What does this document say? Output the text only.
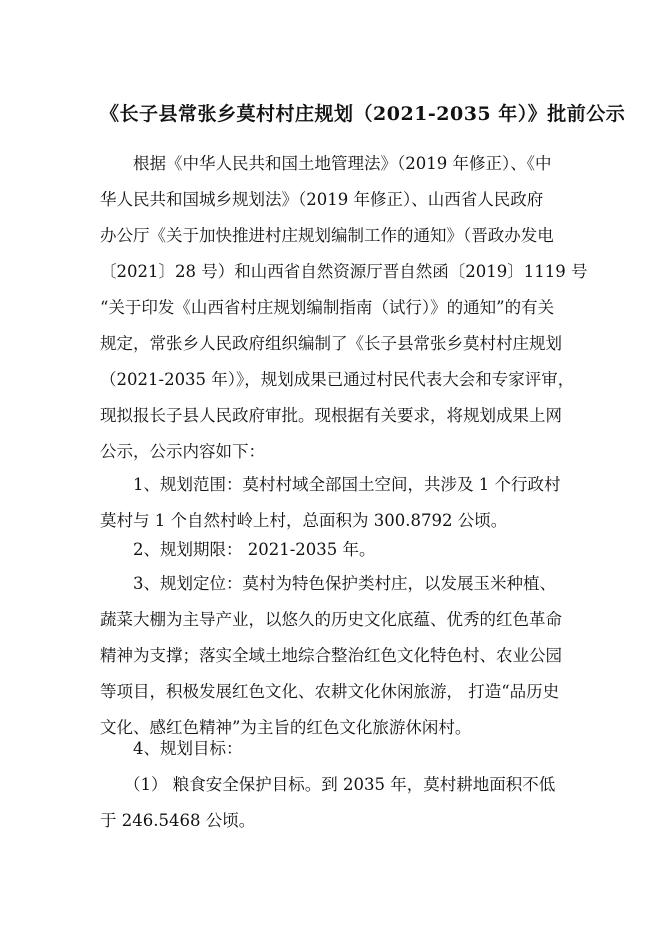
《长子县常张乡莫村村庄规划（2021-2035 年）》批前公示
根据《中华人民共和国土地管理法》（2019 年修正）、《中
华人民共和国城乡规划法》（2019 年修正）、山西省人民政府
办公厅《关于加快推进村庄规划编制工作的通知》（晋政办发电
〔2021〕28 号）和山西省自然资源厅晋自然函〔2019〕1119 号
“关于印发《山西省村庄规划编制指南（试行）》的通知”的有关
规定，常张乡人民政府组织编制了《长子县常张乡莫村村庄规划
（2021-2035 年）》，规划成果已通过村民代表大会和专家评审，
现拟报长子县人民政府审批。现根据有关要求，将规划成果上网
公示，公示内容如下：
1、规划范围：莫村村域全部国土空间，共涉及 1 个行政村
莫村与 1 个自然村岭上村，总面积为 300.8792 公顷。
2、规划期限： 2021-2035 年。
3、规划定位：莫村为特色保护类村庄，以发展玉米种植、
蔬菜大棚为主导产业，以悠久的历史文化底蕴、优秀的红色革命
精神为支撑；落实全域土地综合整治红色文化特色村、农业公园
等项目，积极发展红色文化、农耕文化休闲旅游， 打造“品历史
文化、感红色精神”为主旨的红色文化旅游休闲村。
4、规划目标：
（1） 粮食安全保护目标。到 2035 年，莫村耕地面积不低
于 246.5468 公顷。
